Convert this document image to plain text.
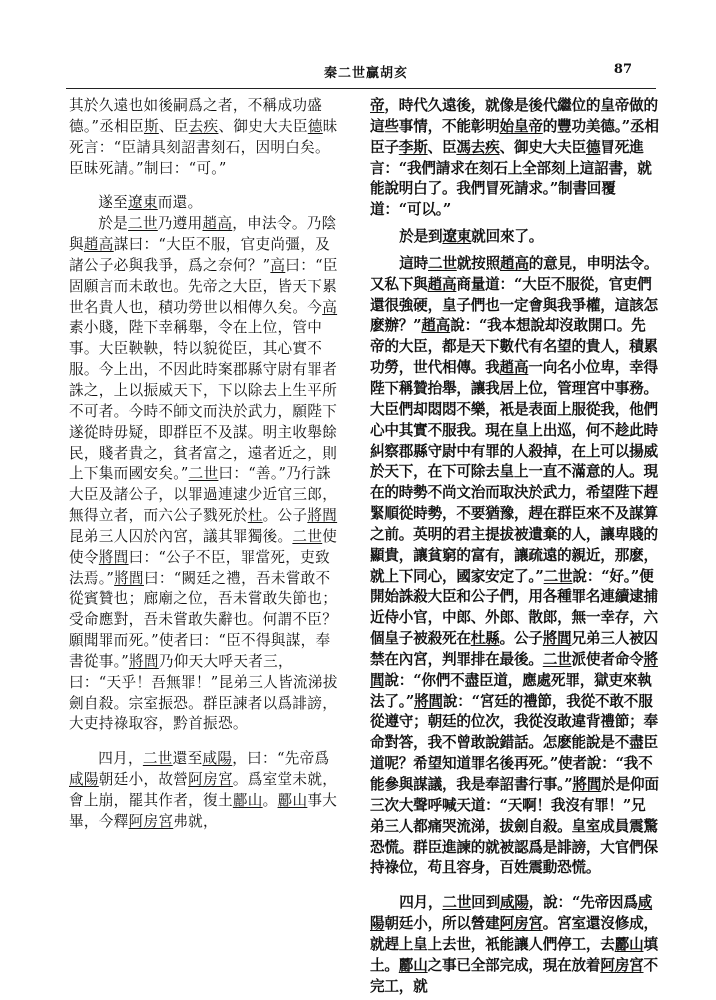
秦二世贏胡亥	87

其於久遠也如後嗣爲之者，不稱成功盛德。”丞相臣斯、臣去疾、御史大夫臣德昧死言：“臣請具刻詔書刻石，因明白矣。臣昧死請。”制曰：“可。”

遂至遼東而還。

於是二世乃遵用趙高，申法令。乃陰與趙高謀曰：“大臣不服，官吏尚彊，及諸公子必與我爭，爲之奈何？”高曰：“臣固願言而未敢也。先帝之大臣，皆天下累世名貴人也，積功勞世以相傳久矣。今高素小賤，陛下幸稱舉，令在上位，管中事。大臣鞅鞅，特以貌從臣，其心實不服。今上出，不因此時案郡縣守尉有罪者誅之，上以振威天下，下以除去上生平所不可者。今時不師文而決於武力，願陛下遂從時毋疑，即群臣不及謀。明主收舉餘民，賤者貴之，貧者富之，遠者近之，則上下集而國安矣。”二世曰：“善。”乃行誅大臣及諸公子，以罪過連逮少近官三郎，無得立者，而六公子戮死於杜。公子將閭昆弟三人囚於內宮，議其罪獨後。二世使使令將閭曰：“公子不臣，罪當死，吏致法焉。”將閭曰：“闕廷之禮，吾未嘗敢不從賓贊也；廊廟之位，吾未嘗敢失節也；受命應對，吾未嘗敢失辭也。何謂不臣？願聞罪而死。”使者曰：“臣不得與謀，奉書從事。”將閭乃仰天大呼天者三，曰：“天乎！吾無罪！”昆弟三人皆流涕拔劍自殺。宗室振恐。群臣諫者以爲誹謗，大吏持祿取容，黔首振恐。

四月，二世還至咸陽，曰：“先帝爲咸陽朝廷小，故營阿房宮。爲室堂未就，會上崩，罷其作者，復土酈山。酈山事大畢，今釋阿房宮弗就，

帝，時代久遠後，就像是後代繼位的皇帝做的這些事情，不能彰明始皇帝的豐功美德。”丞相臣子李斯、臣馮去疾、御史大夫臣德冒死進言：“我們請求在刻石上全部刻上這詔書，就能說明白了。我們冒死請求。”制書回覆道：“可以。”

於是到遼東就回來了。

這時二世就按照趙高的意見，申明法令。又私下與趙高商量道：“大臣不服從，官吏們還很強硬，皇子們也一定會與我爭權，這該怎麽辦？”趙高說：“我本想說却沒敢開口。先帝的大臣，都是天下數代有名望的貴人，積累功勞，世代相傳。我趙高一向名小位卑，幸得陛下稱贊抬舉，讓我居上位，管理宮中事務。大臣們却悶悶不樂，衹是表面上服從我，他們心中其實不服我。現在皇上出巡，何不趁此時糾察郡縣守尉中有罪的人殺掉，在上可以揚威於天下，在下可除去皇上一直不滿意的人。現在的時勢不尚文治而取決於武力，希望陛下趕緊順從時勢，不要猶豫，趕在群臣來不及謀算之前。英明的君主提拔被遺棄的人，讓卑賤的顯貴，讓貧窮的富有，讓疏遠的親近，那麽，就上下同心，國家安定了。”二世說：“好。”便開始誅殺大臣和公子們，用各種罪名連續逮捕近侍小官，中郎、外郎、散郎，無一幸存，六個皇子被殺死在杜縣。公子將閭兄弟三人被囚禁在內宮，判罪排在最後。二世派使者命令將閭說：“你們不盡臣道，應處死罪，獄吏來執法了。”將閭說：“宮廷的禮節，我從不敢不服從遵守；朝廷的位次，我從沒敢違背禮節；奉命對答，我不曾敢說錯話。怎麽能說是不盡臣道呢？希望知道罪名後再死。”使者說：“我不能參與謀議，我是奉詔書行事。”將閭於是仰面三次大聲呼喊天道：“天啊！我沒有罪！”兄弟三人都痛哭流涕，拔劍自殺。皇室成員震驚恐慌。群臣進諫的就被認爲是誹謗，大官們保持祿位，苟且容身，百姓震動恐慌。

四月，二世回到咸陽，說：“先帝因爲咸陽朝廷小，所以營建阿房宮。宮室還沒修成，就趕上皇上去世，衹能讓人們停工，去酈山填土。酈山之事已全部完成，現在放着阿房宮不完工，就
